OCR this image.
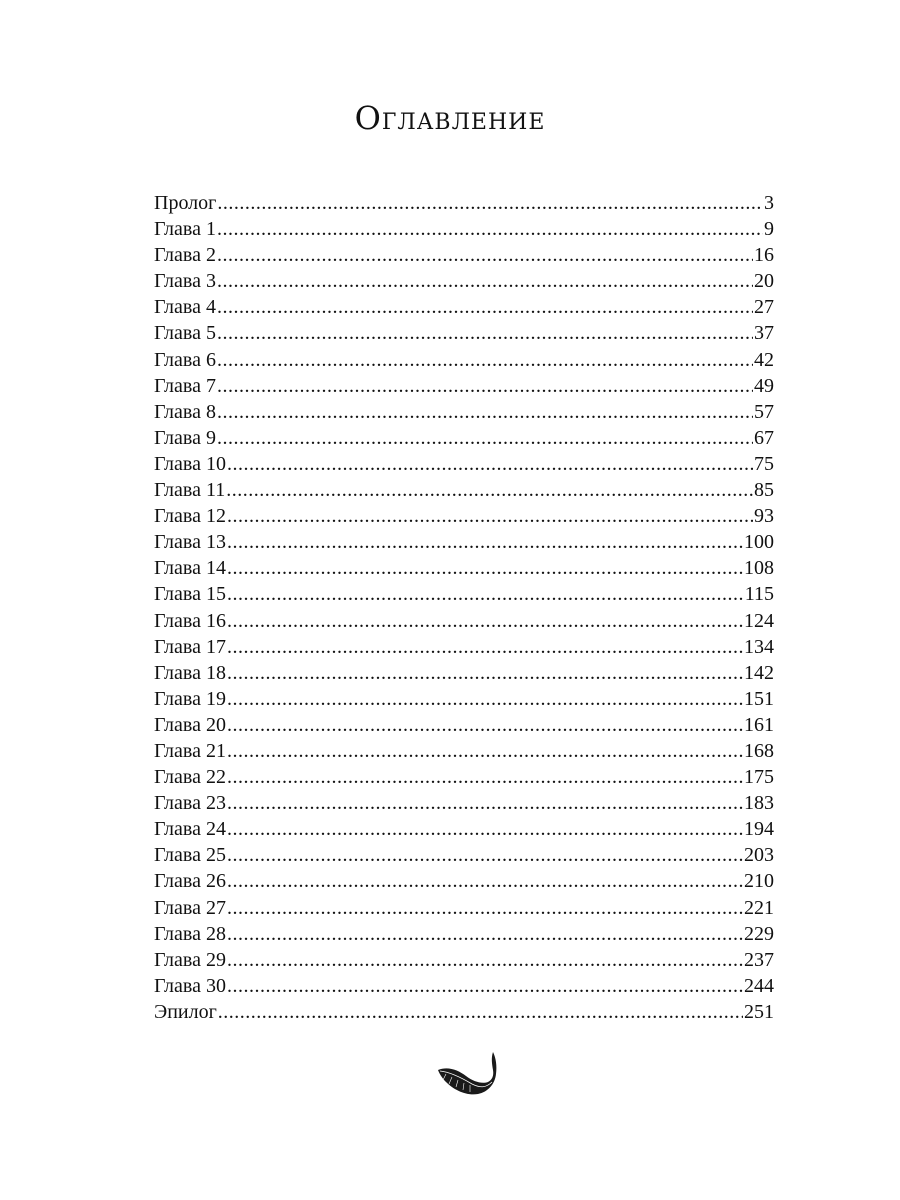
Оглавление
Пролог .....	3
Глава 1 .....	9
Глава 2 .....	16
Глава 3 .....	20
Глава 4 .....	27
Глава 5 .....	37
Глава 6 .....	42
Глава 7 .....	49
Глава 8 .....	57
Глава 9 .....	67
Глава 10 .....	75
Глава 11 .....	85
Глава 12 .....	93
Глава 13 .....	100
Глава 14 .....	108
Глава 15 .....	115
Глава 16 .....	124
Глава 17 .....	134
Глава 18 .....	142
Глава 19 .....	151
Глава 20 .....	161
Глава 21 .....	168
Глава 22 .....	175
Глава 23 .....	183
Глава 24 .....	194
Глава 25 .....	203
Глава 26 .....	210
Глава 27 .....	221
Глава 28 .....	229
Глава 29 .....	237
Глава 30 .....	244
Эпилог .....	251
